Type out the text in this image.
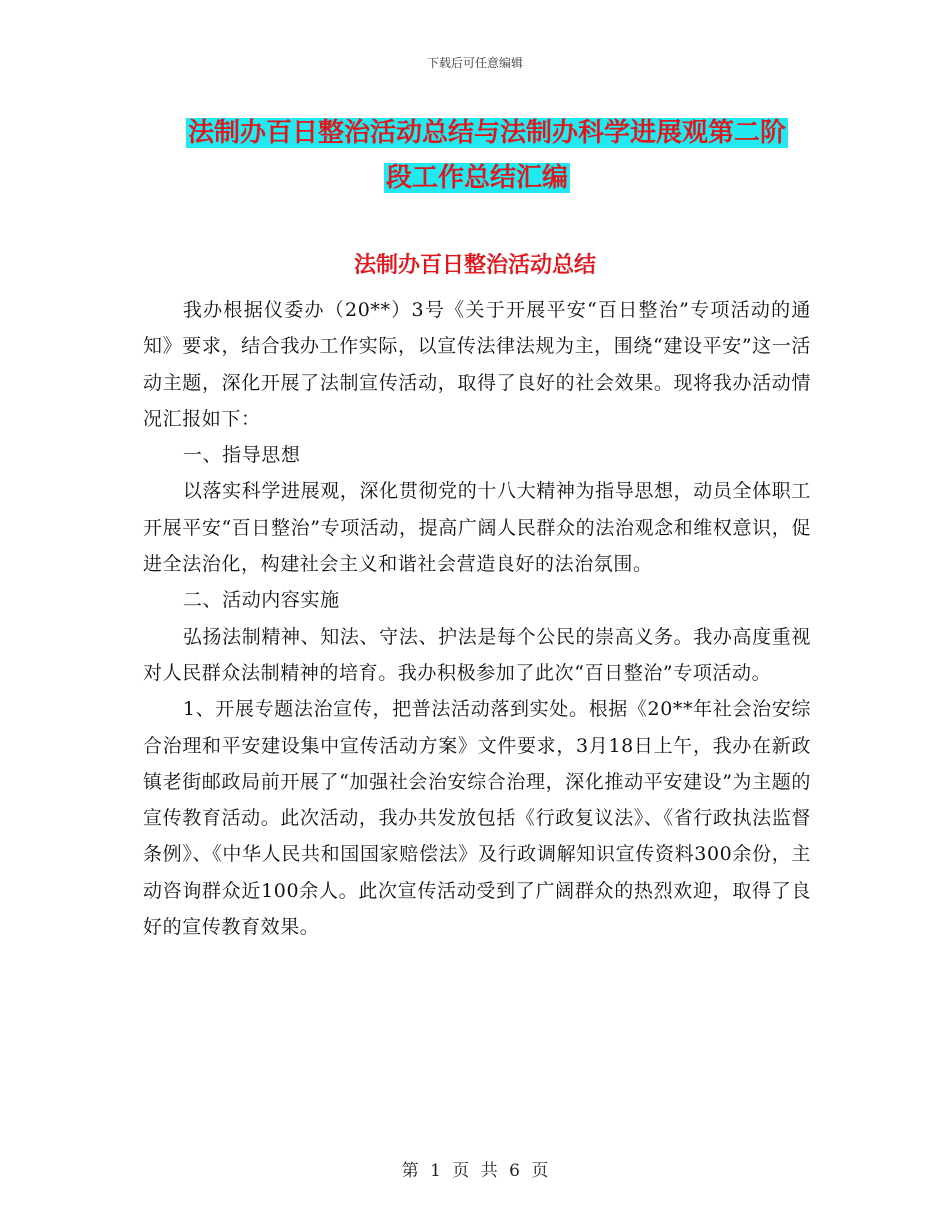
下载后可任意编辑
法制办百日整治活动总结与法制办科学进展观第二阶
段工作总结汇编
法制办百日整治活动总结

我办根据仪委办（20**）3号《关于开展平安“百日整治”专项活动的通知》要求，结合我办工作实际，以宣传法律法规为主，围绕“建设平安”这一活动主题，深化开展了法制宣传活动，取得了良好的社会效果。现将我办活动情况汇报如下：

一、指导思想

以落实科学进展观，深化贯彻党的十八大精神为指导思想，动员全体职工开展平安“百日整治”专项活动，提高广阔人民群众的法治观念和维权意识，促进全法治化，构建社会主义和谐社会营造良好的法治氛围。

二、活动内容实施

弘扬法制精神、知法、守法、护法是每个公民的崇高义务。我办高度重视对人民群众法制精神的培育。我办积极参加了此次“百日整治”专项活动。

1、开展专题法治宣传，把普法活动落到实处。根据《20**年社会治安综合治理和平安建设集中宣传活动方案》文件要求，3月18日上午，我办在新政镇老街邮政局前开展了“加强社会治安综合治理，深化推动平安建设”为主题的宣传教育活动。此次活动，我办共发放包括《行政复议法》、《省行政执法监督条例》、《中华人民共和国国家赔偿法》及行政调解知识宣传资料300余份，主动咨询群众近100余人。此次宣传活动受到了广阔群众的热烈欢迎，取得了良好的宣传教育效果。

第 1 页 共 6 页
